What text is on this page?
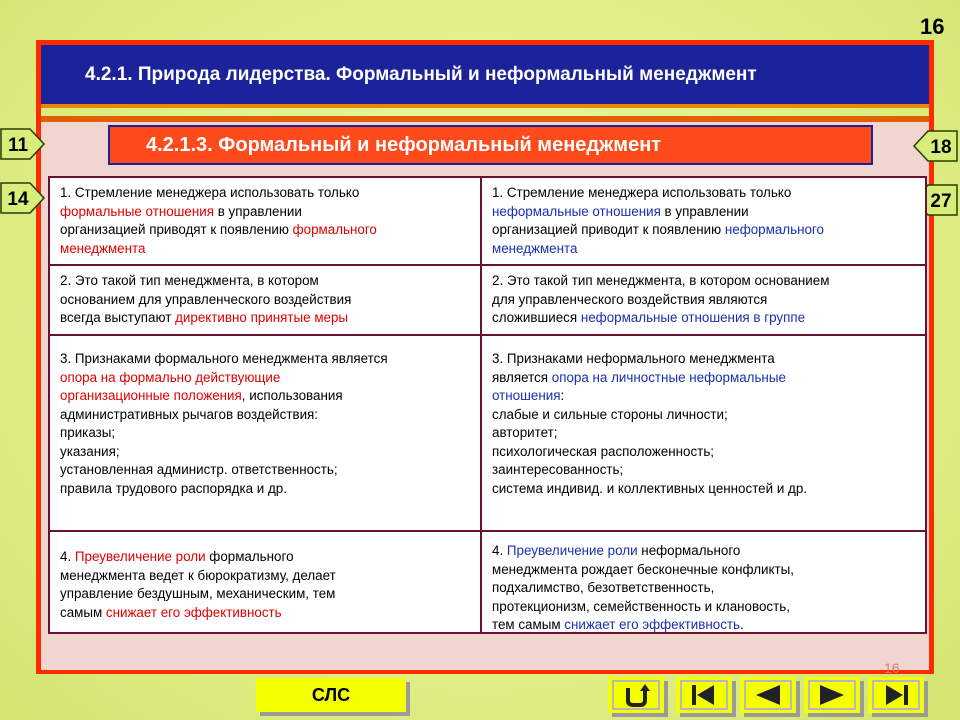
16
4.2.1. Природа лидерства. Формальный и неформальный менеджмент
4.2.1.3. Формальный и неформальный менеджмент
11
14
18
27
1. Стремление менеджера использовать только
формальные отношения в управлении
организацией приводят к появлению формального
менеджмента
1. Стремление менеджера использовать только
неформальные отношения в управлении
организацией приводит к появлению неформального
менеджмента
2. Это такой тип менеджмента, в котором
основанием для управленческого воздействия
всегда выступают директивно принятые меры
2. Это такой тип менеджмента, в котором основанием
для управленческого воздействия являются
сложившиеся неформальные отношения в группе
3. Признаками формального менеджмента является
опора на формально действующие
организационные положения, использования
административных рычагов воздействия:
приказы;
указания;
установленная администр. ответственность;
правила трудового распорядка и др.
3. Признаками неформального менеджмента
является опора на личностные неформальные
отношения:
слабые и сильные стороны личности;
авторитет;
психологическая расположенность;
заинтересованность;
система индивид. и коллективных ценностей и др.
4. Преувеличение роли формального
менеджмента ведет к бюрократизму, делает
управление бездушным, механическим, тем
самым снижает его эффективность
4. Преувеличение роли неформального
менеджмента рождает бесконечные конфликты,
подхалимство, безответственность,
протекционизм, семейственность и клановость,
тем самым снижает его эффективность.
16
СЛС
